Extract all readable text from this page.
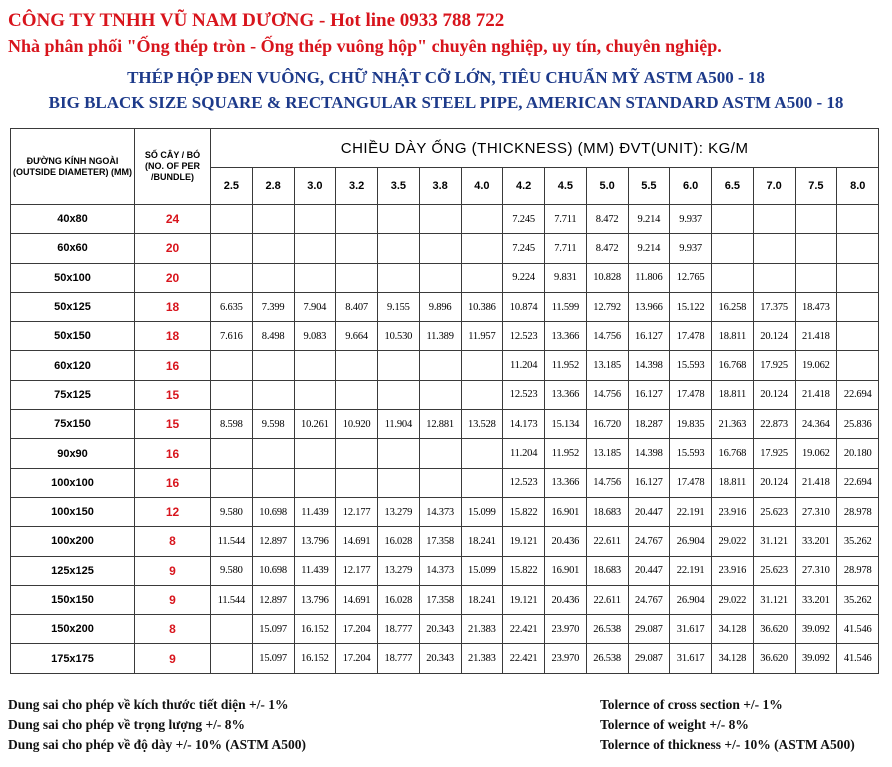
CÔNG TY TNHH VŨ NAM DƯƠNG - Hot line 0933 788 722
Nhà phân phối "Ống thép tròn - Ống thép vuông hộp" chuyên nghiệp, uy tín, chuyên nghiệp.
THÉP HỘP ĐEN VUÔNG, CHỮ NHẬT CỠ LỚN, TIÊU CHUẨN MỸ ASTM A500 - 18
BIG BLACK SIZE SQUARE & RECTANGULAR STEEL PIPE, AMERICAN STANDARD ASTM A500 - 18
ĐƯỜNG KÍNH NGOÀI (OUTSIDE DIAMETER) (MM)	SỐ CÂY / BÓ (NO. OF PER /BUNDLE)	CHIỀU DÀY ỐNG (THICKNESS) (MM) ĐVT(UNIT): KG/M															
		2.5	2.8	3.0	3.2	3.5	3.8	4.0	4.2	4.5	5.0	5.5	6.0	6.5	7.0	7.5	8.0
40x80	24								7.245	7.711	8.472	9.214	9.937				
60x60	20								7.245	7.711	8.472	9.214	9.937				
50x100	20								9.224	9.831	10.828	11.806	12.765				
50x125	18	6.635	7.399	7.904	8.407	9.155	9.896	10.386	10.874	11.599	12.792	13.966	15.122	16.258	17.375	18.473	
50x150	18	7.616	8.498	9.083	9.664	10.530	11.389	11.957	12.523	13.366	14.756	16.127	17.478	18.811	20.124	21.418	
60x120	16								11.204	11.952	13.185	14.398	15.593	16.768	17.925	19.062	
75x125	15								12.523	13.366	14.756	16.127	17.478	18.811	20.124	21.418	22.694
75x150	15	8.598	9.598	10.261	10.920	11.904	12.881	13.528	14.173	15.134	16.720	18.287	19.835	21.363	22.873	24.364	25.836
90x90	16								11.204	11.952	13.185	14.398	15.593	16.768	17.925	19.062	20.180
100x100	16								12.523	13.366	14.756	16.127	17.478	18.811	20.124	21.418	22.694
100x150	12	9.580	10.698	11.439	12.177	13.279	14.373	15.099	15.822	16.901	18.683	20.447	22.191	23.916	25.623	27.310	28.978
100x200	8	11.544	12.897	13.796	14.691	16.028	17.358	18.241	19.121	20.436	22.611	24.767	26.904	29.022	31.121	33.201	35.262
125x125	9	9.580	10.698	11.439	12.177	13.279	14.373	15.099	15.822	16.901	18.683	20.447	22.191	23.916	25.623	27.310	28.978
150x150	9	11.544	12.897	13.796	14.691	16.028	17.358	18.241	19.121	20.436	22.611	24.767	26.904	29.022	31.121	33.201	35.262
150x200	8		15.097	16.152	17.204	18.777	20.343	21.383	22.421	23.970	26.538	29.087	31.617	34.128	36.620	39.092	41.546
175x175	9		15.097	16.152	17.204	18.777	20.343	21.383	22.421	23.970	26.538	29.087	31.617	34.128	36.620	39.092	41.546
Dung sai cho phép về kích thước tiết diện +/- 1%
Dung sai cho phép về trọng lượng +/- 8%
Dung sai cho phép về độ dày +/- 10% (ASTM A500)
Tolernce of cross section +/- 1%
Tolernce of weight +/- 8%
Tolernce of thickness +/- 10% (ASTM A500)
